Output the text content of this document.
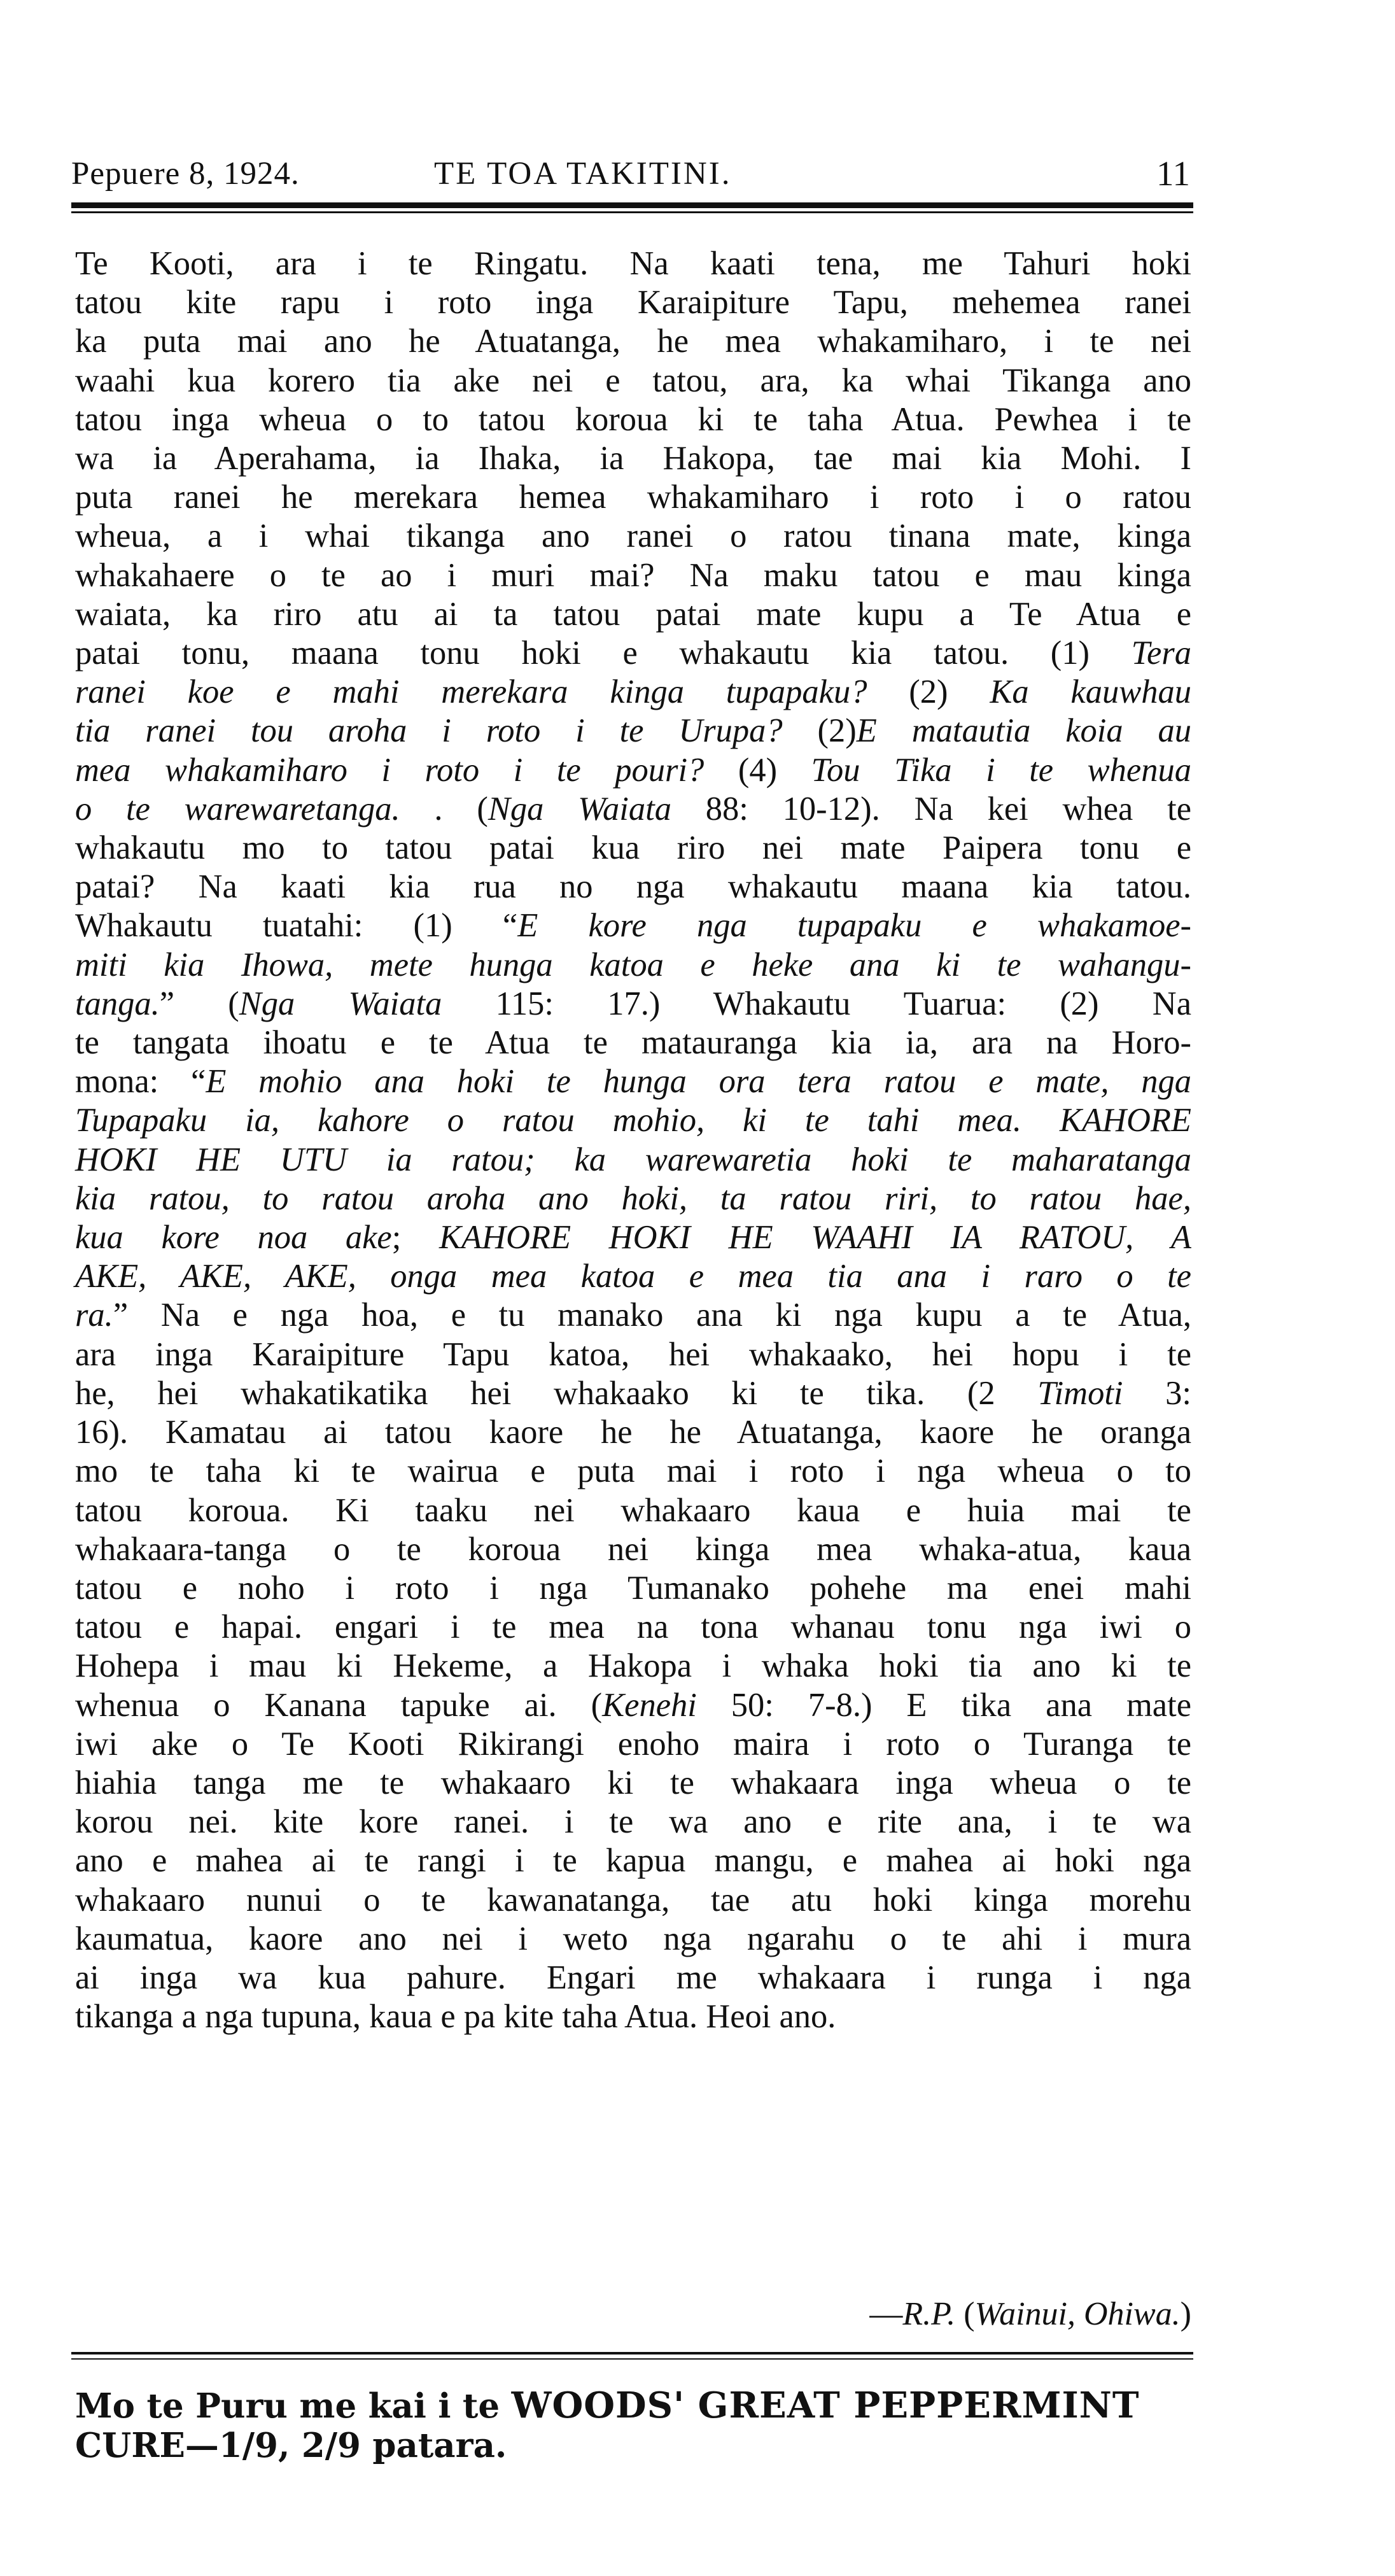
Pepuere 8, 1924.	TE TOA TAKITINI.	11
Te Kooti, ara i te Ringatu. Na kaati tena, me Tahuri hoki
tatou kite rapu i roto inga Karaipiture Tapu, mehemea ranei
ka puta mai ano he Atuatanga, he mea whakamiharo, i te nei
waahi kua korero tia ake nei e tatou, ara, ka whai Tikanga ano
tatou inga wheua o to tatou koroua ki te taha Atua. Pewhea i te
wa ia Aperahama, ia Ihaka, ia Hakopa, tae mai kia Mohi. I
puta ranei he merekara hemea whakamiharo i roto i o ratou
wheua, a i whai tikanga ano ranei o ratou tinana mate, kinga
whakahaere o te ao i muri mai? Na maku tatou e mau kinga
waiata, ka riro atu ai ta tatou patai mate kupu a Te Atua e
patai tonu, maana tonu hoki e whakautu kia tatou. (1) Tera
ranei koe e mahi merekara kinga tupapaku? (2) Ka kauwhau
tia ranei tou aroha i roto i te Urupa? (2)E matautia koia au
mea whakamiharo i roto i te pouri? (4) Tou Tika i te whenua
o te warewaretanga. . (Nga Waiata 88: 10-12). Na kei whea te
whakautu mo to tatou patai kua riro nei mate Paipera tonu e
patai? Na kaati kia rua no nga whakautu maana kia tatou.
Whakautu tuatahi: (1) “E kore nga tupapaku e whakamoe-
miti kia Ihowa, mete hunga katoa e heke ana ki te wahangu-
tanga.” (Nga Waiata 115: 17.) Whakautu Tuarua: (2) Na
te tangata ihoatu e te Atua te matauranga kia ia, ara na Horo-
mona: “E mohio ana hoki te hunga ora tera ratou e mate, nga
Tupapaku ia, kahore o ratou mohio, ki te tahi mea. KAHORE
HOKI HE UTU ia ratou; ka warewaretia hoki te maharatanga
kia ratou, to ratou aroha ano hoki, ta ratou riri, to ratou hae,
kua kore noa ake; KAHORE HOKI HE WAAHI IA RATOU, A
AKE, AKE, AKE, onga mea katoa e mea tia ana i raro o te
ra.” Na e nga hoa, e tu manako ana ki nga kupu a te Atua,
ara inga Karaipiture Tapu katoa, hei whakaako, hei hopu i te
he, hei whakatikatika hei whakaako ki te tika. (2 Timoti 3:
16). Kamatau ai tatou kaore he he Atuatanga, kaore he oranga
mo te taha ki te wairua e puta mai i roto i nga wheua o to
tatou koroua. Ki taaku nei whakaaro kaua e huia mai te
whakaara-tanga o te koroua nei kinga mea whaka-atua, kaua
tatou e noho i roto i nga Tumanako pohehe ma enei mahi
tatou e hapai. engari i te mea na tona whanau tonu nga iwi o
Hohepa i mau ki Hekeme, a Hakopa i whaka hoki tia ano ki te
whenua o Kanana tapuke ai. (Kenehi 50: 7-8.) E tika ana mate
iwi ake o Te Kooti Rikirangi enoho maira i roto o Turanga te
hiahia tanga me te whakaaro ki te whakaara inga wheua o te
korou nei. kite kore ranei. i te wa ano e rite ana, i te wa
ano e mahea ai te rangi i te kapua mangu, e mahea ai hoki nga
whakaaro nunui o te kawanatanga, tae atu hoki kinga morehu
kaumatua, kaore ano nei i weto nga ngarahu o te ahi i mura
ai inga wa kua pahure. Engari me whakaara i runga i nga
tikanga a nga tupuna, kaua e pa kite taha Atua. Heoi ano.
—R.P. (Wainui, Ohiwa.)
Mo te Puru me kai i te WOODS' GREAT PEPPERMINT
CURE—1/9, 2/9 patara.
